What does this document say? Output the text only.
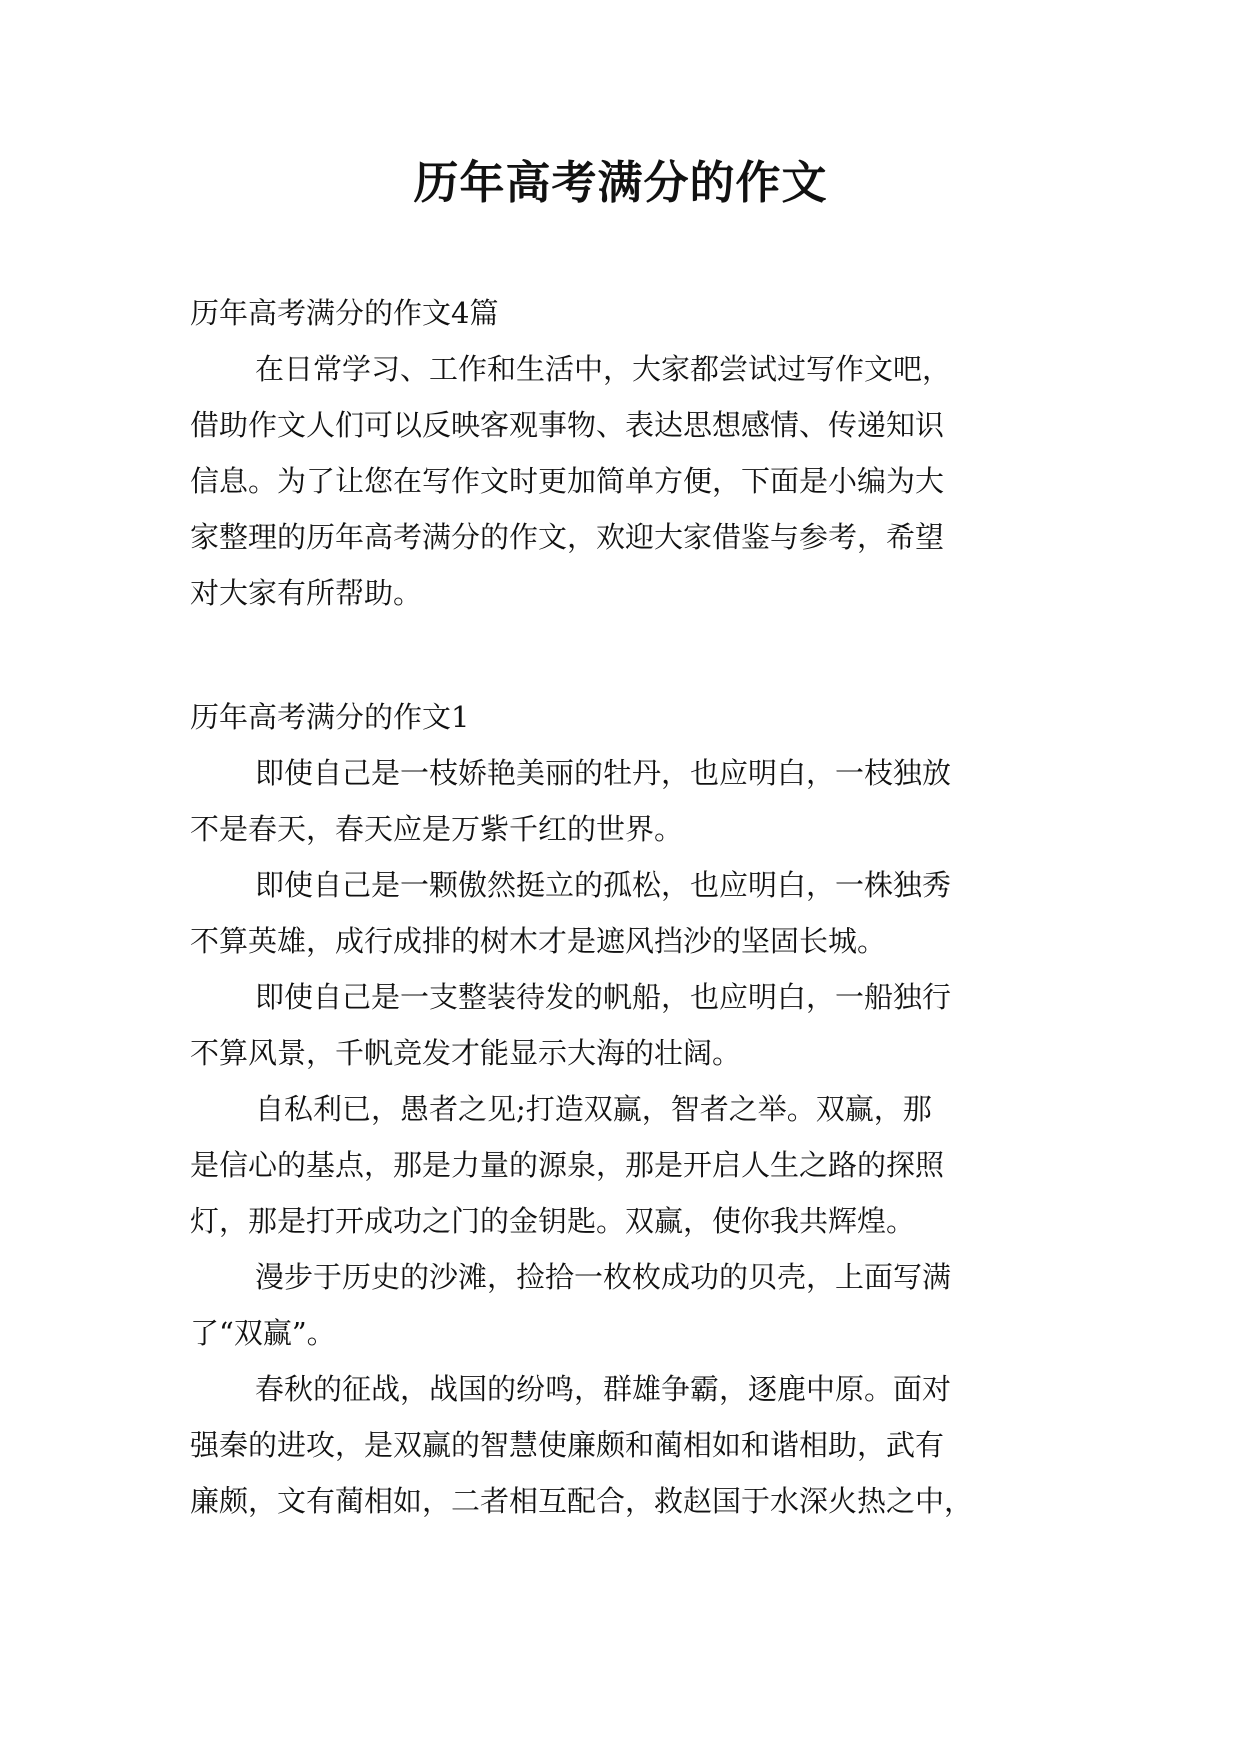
历年高考满分的作文

历年高考满分的作文4篇

在日常学习、工作和生活中，大家都尝试过写作文吧，

借助作文人们可以反映客观事物、表达思想感情、传递知识

信息。为了让您在写作文时更加简单方便，下面是小编为大

家整理的历年高考满分的作文，欢迎大家借鉴与参考，希望

对大家有所帮助。

历年高考满分的作文1

即使自己是一枝娇艳美丽的牡丹，也应明白，一枝独放

不是春天，春天应是万紫千红的世界。

即使自己是一颗傲然挺立的孤松，也应明白，一株独秀

不算英雄，成行成排的树木才是遮风挡沙的坚固长城。

即使自己是一支整装待发的帆船，也应明白，一船独行

不算风景，千帆竞发才能显示大海的壮阔。

自私利已，愚者之见;打造双赢，智者之举。双赢，那

是信心的基点，那是力量的源泉，那是开启人生之路的探照

灯，那是打开成功之门的金钥匙。双赢，使你我共辉煌。

漫步于历史的沙滩，捡拾一枚枚成功的贝壳，上面写满

了“双赢”。

春秋的征战，战国的纷鸣，群雄争霸，逐鹿中原。面对

强秦的进攻，是双赢的智慧使廉颇和蔺相如和谐相助，武有

廉颇，文有蔺相如，二者相互配合，救赵国于水深火热之中，
